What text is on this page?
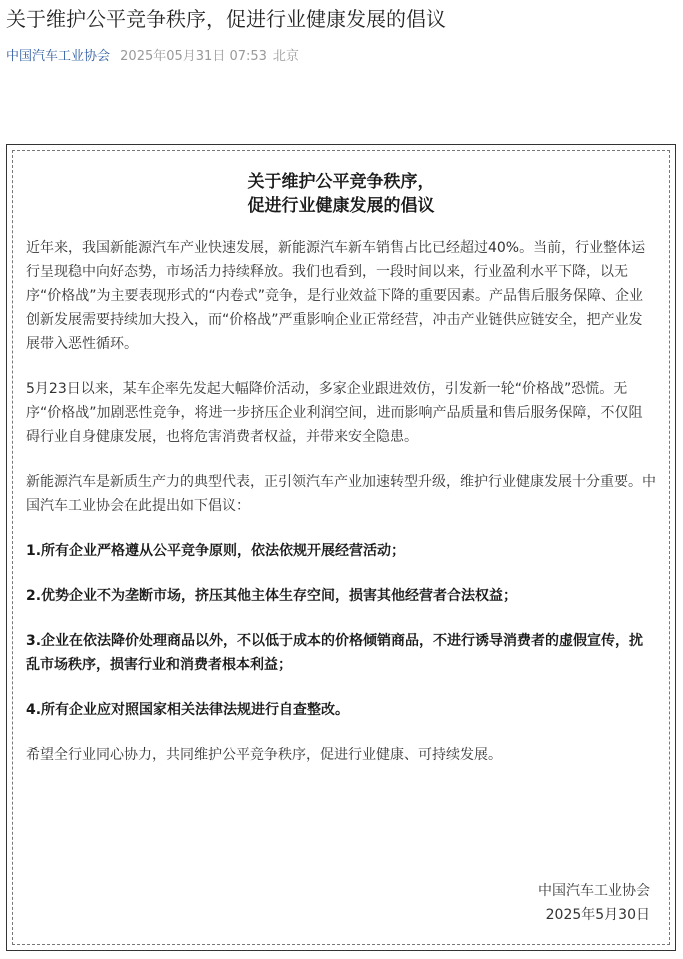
关于维护公平竞争秩序，促进行业健康发展的倡议
中国汽车工业协会 2025年05月31日 07:53 北京
关于维护公平竞争秩序，
促进行业健康发展的倡议

近年来，我国新能源汽车产业快速发展，新能源汽车新车销售占比已经超过40%。当前，行业整体运行呈现稳中向好态势，市场活力持续释放。我们也看到，一段时间以来，行业盈利水平下降，以无序“价格战”为主要表现形式的“内卷式”竞争，是行业效益下降的重要因素。产品售后服务保障、企业创新发展需要持续加大投入，而“价格战”严重影响企业正常经营，冲击产业链供应链安全，把产业发展带入恶性循环。

5月23日以来，某车企率先发起大幅降价活动，多家企业跟进效仿，引发新一轮“价格战”恐慌。无序“价格战”加剧恶性竞争，将进一步挤压企业利润空间，进而影响产品质量和售后服务保障，不仅阻碍行业自身健康发展，也将危害消费者权益，并带来安全隐患。

新能源汽车是新质生产力的典型代表，正引领汽车产业加速转型升级，维护行业健康发展十分重要。中国汽车工业协会在此提出如下倡议：

1.所有企业严格遵从公平竞争原则，依法依规开展经营活动；

2.优势企业不为垄断市场，挤压其他主体生存空间，损害其他经营者合法权益；

3.企业在依法降价处理商品以外，不以低于成本的价格倾销商品，不进行诱导消费者的虚假宣传，扰乱市场秩序，损害行业和消费者根本利益；

4.所有企业应对照国家相关法律法规进行自查整改。

希望全行业同心协力，共同维护公平竞争秩序，促进行业健康、可持续发展。

中国汽车工业协会
2025年5月30日
